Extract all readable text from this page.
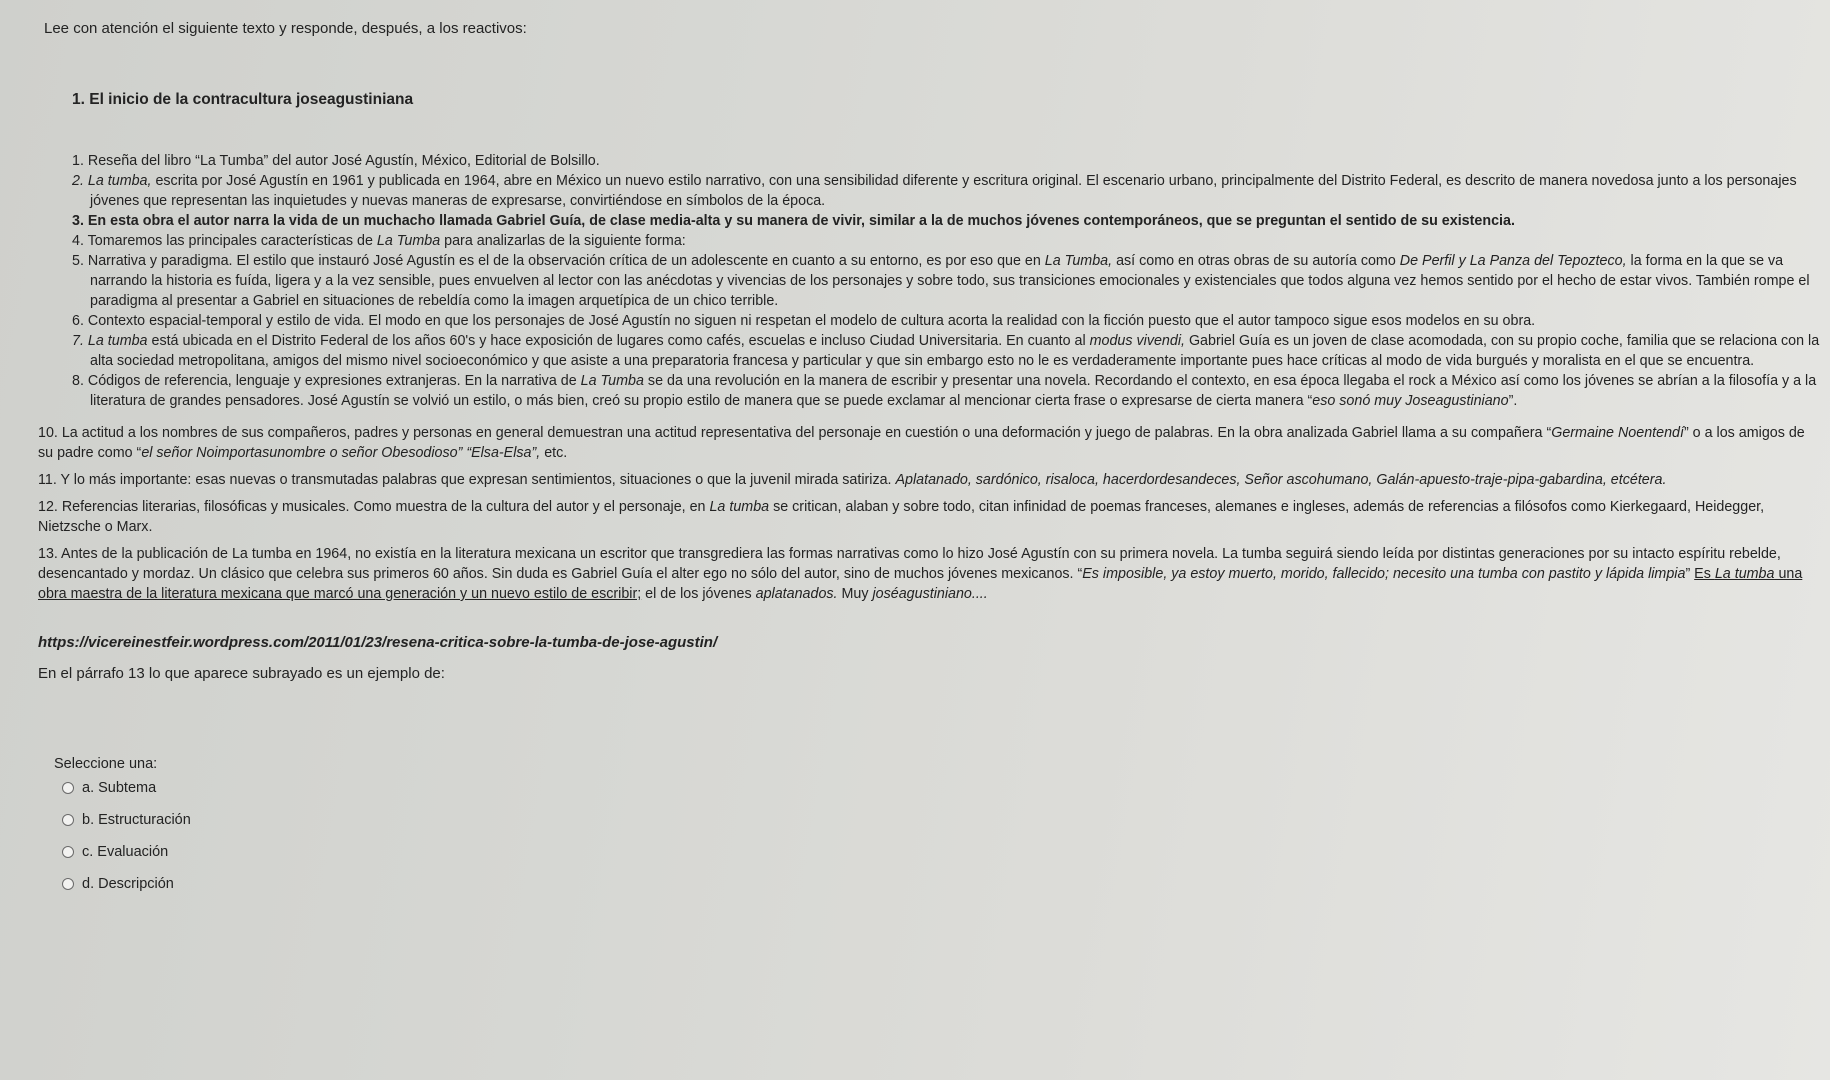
Lee con atención el siguiente texto y responde, después, a los reactivos:
1. El inicio de la contracultura joseagustiniana
1. Reseña del libro “La Tumba” del autor José Agustín, México, Editorial de Bolsillo.
2. La tumba, escrita por José Agustín en 1961 y publicada en 1964, abre en México un nuevo estilo narrativo, con una sensibilidad diferente y escritura original. El escenario urbano, principalmente del Distrito Federal, es descrito de manera novedosa junto a los personajes jóvenes que representan las inquietudes y nuevas maneras de expresarse, convirtiéndose en símbolos de la época.
3. En esta obra el autor narra la vida de un muchacho llamada Gabriel Guía, de clase media-alta y su manera de vivir, similar a la de muchos jóvenes contemporáneos, que se preguntan el sentido de su existencia.
4. Tomaremos las principales características de La Tumba para analizarlas de la siguiente forma:
5. Narrativa y paradigma. El estilo que instauró José Agustín es el de la observación crítica de un adolescente en cuanto a su entorno, es por eso que en La Tumba, así como en otras obras de su autoría como De Perfil y La Panza del Tepozteco, la forma en la que se va narrando la historia es fuída, ligera y a la vez sensible, pues envuelven al lector con las anécdotas y vivencias de los personajes y sobre todo, sus transiciones emocionales y existenciales que todos alguna vez hemos sentido por el hecho de estar vivos. También rompe el paradigma al presentar a Gabriel en situaciones de rebeldía como la imagen arquetípica de un chico terrible.
6. Contexto espacial-temporal y estilo de vida. El modo en que los personajes de José Agustín no siguen ni respetan el modelo de cultura acorta la realidad con la ficción puesto que el autor tampoco sigue esos modelos en su obra.
7. La tumba está ubicada en el Distrito Federal de los años 60's y hace exposición de lugares como cafés, escuelas e incluso Ciudad Universitaria. En cuanto al modus vivendi, Gabriel Guía es un joven de clase acomodada, con su propio coche, familia que se relaciona con la alta sociedad metropolitana, amigos del mismo nivel socioeconómico y que asiste a una preparatoria francesa y particular y que sin embargo esto no le es verdaderamente importante pues hace críticas al modo de vida burgués y moralista en el que se encuentra.
8. Códigos de referencia, lenguaje y expresiones extranjeras. En la narrativa de La Tumba se da una revolución en la manera de escribir y presentar una novela. Recordando el contexto, en esa época llegaba el rock a México así como los jóvenes se abrían a la filosofía y a la literatura de grandes pensadores. José Agustín se volvió un estilo, o más bien, creó su propio estilo de manera que se puede exclamar al mencionar cierta frase o expresarse de cierta manera “eso sonó muy Joseagustiniano”.
10. La actitud a los nombres de sus compañeros, padres y personas en general demuestran una actitud representativa del personaje en cuestión o una deformación y juego de palabras. En la obra analizada Gabriel llama a su compañera “Germaine Noentendí” o a los amigos de su padre como “el señor Noimportasunombre o señor Obesodioso” “Elsa-Elsa”, etc.
11. Y lo más importante: esas nuevas o transmutadas palabras que expresan sentimientos, situaciones o que la juvenil mirada satiriza. Aplatanado, sardónico, risaloca, hacerdordesandeces, Señor ascohumano, Galán-apuesto-traje-pipa-gabardina, etcétera.
12. Referencias literarias, filosóficas y musicales. Como muestra de la cultura del autor y el personaje, en La tumba se critican, alaban y sobre todo, citan infinidad de poemas franceses, alemanes e ingleses, además de referencias a filósofos como Kierkegaard, Heidegger, Nietzsche o Marx.
13. Antes de la publicación de La tumba en 1964, no existía en la literatura mexicana un escritor que transgrediera las formas narrativas como lo hizo José Agustín con su primera novela. La tumba seguirá siendo leída por distintas generaciones por su intacto espíritu rebelde, desencantado y mordaz. Un clásico que celebra sus primeros 60 años. Sin duda es Gabriel Guía el alter ego no sólo del autor, sino de muchos jóvenes mexicanos. “Es imposible, ya estoy muerto, morido, fallecido; necesito una tumba con pastito y lápida limpia” Es La tumba una obra maestra de la literatura mexicana que marcó una generación y un nuevo estilo de escribir; el de los jóvenes aplatanados. Muy joséagustiniano....
https://vicereinestfeir.wordpress.com/2011/01/23/resena-critica-sobre-la-tumba-de-jose-agustin/
En el párrafo 13 lo que aparece subrayado es un ejemplo de:
Seleccione una:
a. Subtema
b. Estructuración
c. Evaluación
d. Descripción
